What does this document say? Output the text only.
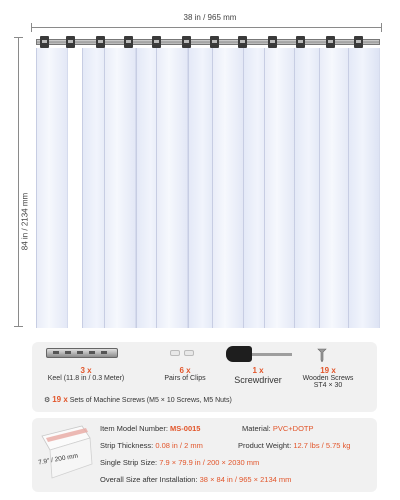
38 in / 965 mm
84 in / 2134 mm
3 x
Keel (11.8 in / 0.3 Meter)
6 x
Pairs of Clips
1 x
Screwdriver
19 x
Wooden Screws
ST4 × 30
⚙ 19 x Sets of Machine Screws (M5 × 10 Screws, M5 Nuts)
7.9" / 200 mm
Item Model Number: MS-0015	Material: PVC+DOTP
Strip Thickness: 0.08 in / 2 mm	Product Weight: 12.7 lbs / 5.75 kg
Single Strip Size: 7.9 × 79.9 in / 200 × 2030 mm
Overall Size after Installation: 38 × 84 in / 965 × 2134 mm
